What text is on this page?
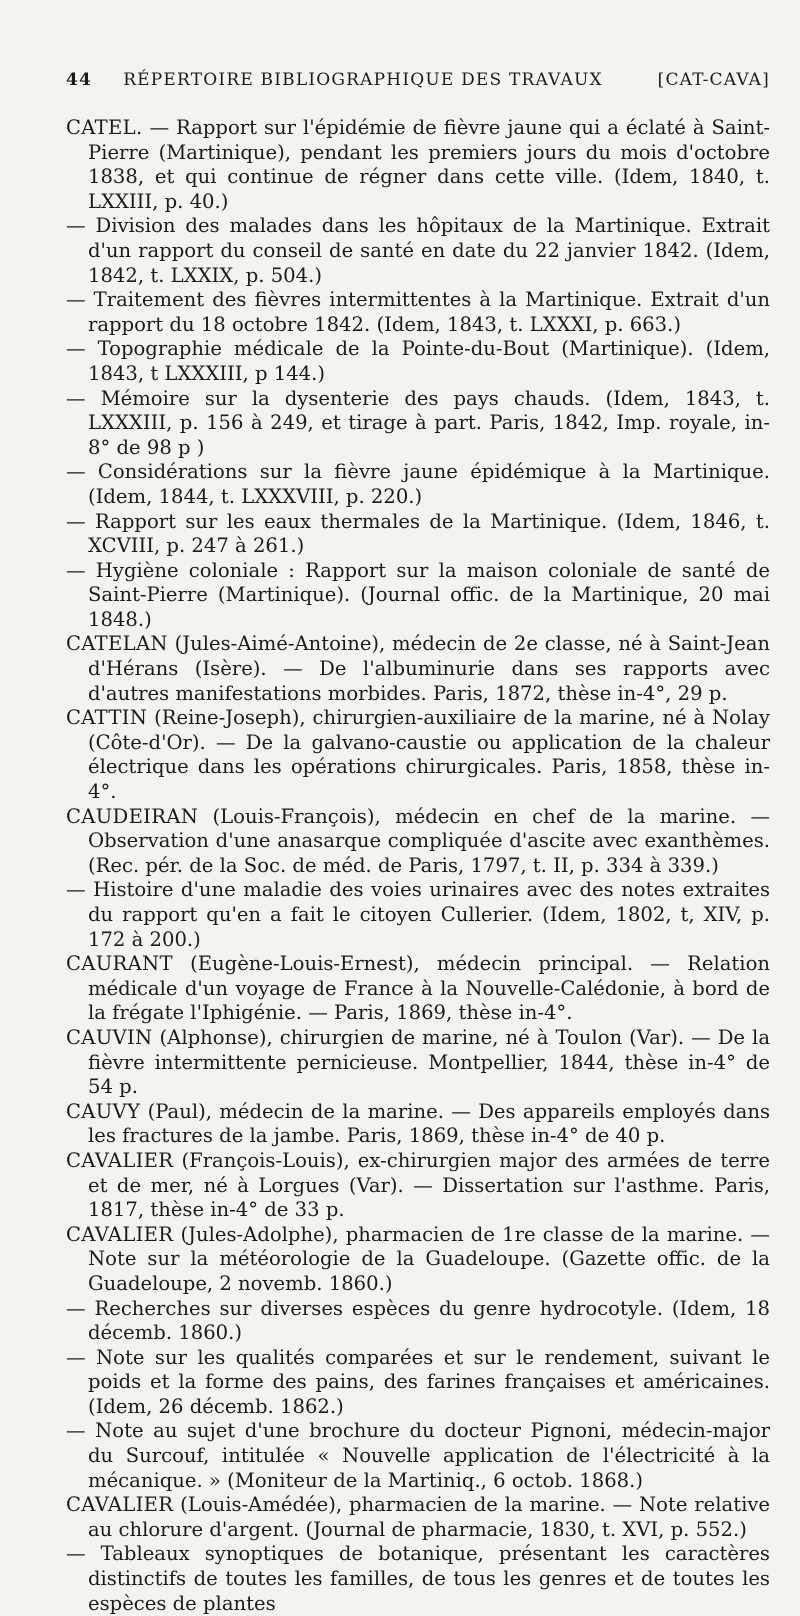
44	RÉPERTOIRE BIBLIOGRAPHIQUE DES TRAVAUX	[CAT-CAVA]

CATEL. — Rapport sur l'épidémie de fièvre jaune qui a éclaté à Saint-Pierre (Martinique), pendant les premiers jours du mois d'octobre 1838, et qui continue de régner dans cette ville. (Idem, 1840, t. LXXIII, p. 40.)

— Division des malades dans les hôpitaux de la Martinique. Extrait d'un rapport du conseil de santé en date du 22 janvier 1842. (Idem, 1842, t. LXXIX, p. 504.)

— Traitement des fièvres intermittentes à la Martinique. Extrait d'un rapport du 18 octobre 1842. (Idem, 1843, t. LXXXI, p. 663.)

— Topographie médicale de la Pointe-du-Bout (Martinique). (Idem, 1843, t LXXXIII, p 144.)

— Mémoire sur la dysenterie des pays chauds. (Idem, 1843, t. LXXXIII, p. 156 à 249, et tirage à part. Paris, 1842, Imp. royale, in-8° de 98 p )

— Considérations sur la fièvre jaune épidémique à la Martinique. (Idem, 1844, t. LXXXVIII, p. 220.)

— Rapport sur les eaux thermales de la Martinique. (Idem, 1846, t. XCVIII, p. 247 à 261.)

— Hygiène coloniale : Rapport sur la maison coloniale de santé de Saint-Pierre (Martinique). (Journal offic. de la Martinique, 20 mai 1848.)

CATELAN (Jules-Aimé-Antoine), médecin de 2e classe, né à Saint-Jean d'Hérans (Isère). — De l'albuminurie dans ses rapports avec d'autres manifestations morbides. Paris, 1872, thèse in-4°, 29 p.

CATTIN (Reine-Joseph), chirurgien-auxiliaire de la marine, né à Nolay (Côte-d'Or). — De la galvano-caustie ou application de la chaleur électrique dans les opérations chirurgicales. Paris, 1858, thèse in-4°.

CAUDEIRAN (Louis-François), médecin en chef de la marine. — Observation d'une anasarque compliquée d'ascite avec exanthèmes. (Rec. pér. de la Soc. de méd. de Paris, 1797, t. II, p. 334 à 339.)

— Histoire d'une maladie des voies urinaires avec des notes extraites du rapport qu'en a fait le citoyen Cullerier. (Idem, 1802, t, XIV, p. 172 à 200.)

CAURANT (Eugène-Louis-Ernest), médecin principal. — Relation médicale d'un voyage de France à la Nouvelle-Calédonie, à bord de la frégate l'Iphigénie. — Paris, 1869, thèse in-4°.

CAUVIN (Alphonse), chirurgien de marine, né à Toulon (Var). — De la fièvre intermittente pernicieuse. Montpellier, 1844, thèse in-4° de 54 p.

CAUVY (Paul), médecin de la marine. — Des appareils employés dans les fractures de la jambe. Paris, 1869, thèse in-4° de 40 p.

CAVALIER (François-Louis), ex-chirurgien major des armées de terre et de mer, né à Lorgues (Var). — Dissertation sur l'asthme. Paris, 1817, thèse in-4° de 33 p.

CAVALIER (Jules-Adolphe), pharmacien de 1re classe de la marine. — Note sur la météorologie de la Guadeloupe. (Gazette offic. de la Guadeloupe, 2 novemb. 1860.)

— Recherches sur diverses espèces du genre hydrocotyle. (Idem, 18 décemb. 1860.)

— Note sur les qualités comparées et sur le rendement, suivant le poids et la forme des pains, des farines françaises et américaines. (Idem, 26 décemb. 1862.)

— Note au sujet d'une brochure du docteur Pignoni, médecin-major du Surcouf, intitulée « Nouvelle application de l'électricité à la mécanique. » (Moniteur de la Martiniq., 6 octob. 1868.)

CAVALIER (Louis-Amédée), pharmacien de la marine. — Note relative au chlorure d'argent. (Journal de pharmacie, 1830, t. XVI, p. 552.)

— Tableaux synoptiques de botanique, présentant les caractères distinctifs de toutes les familles, de tous les genres et de toutes les espèces de plantes
